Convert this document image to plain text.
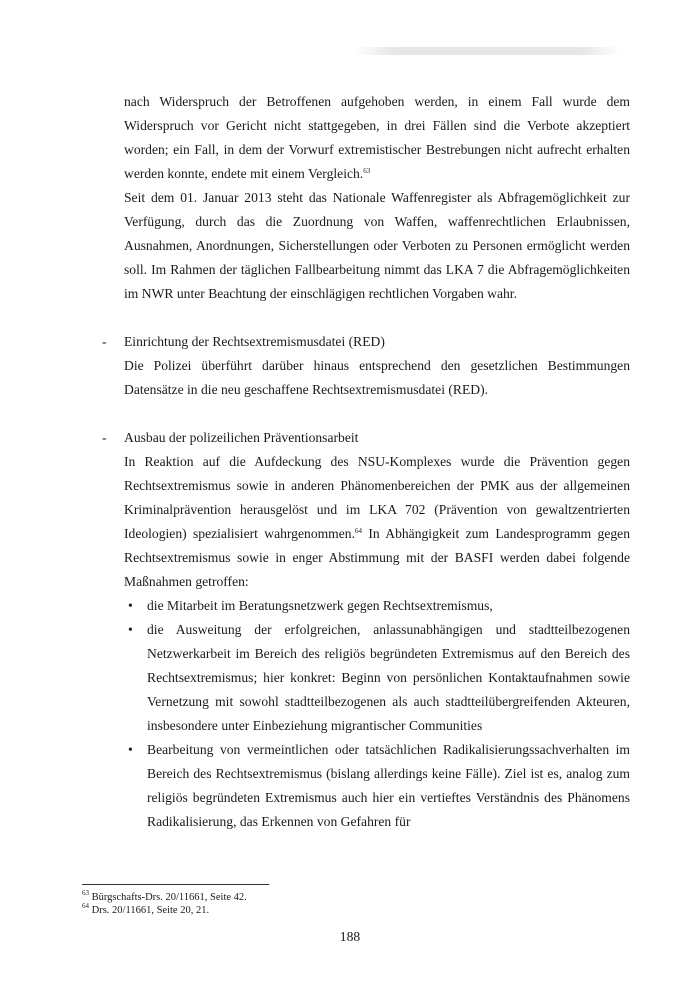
nach Widerspruch der Betroffenen aufgehoben werden, in einem Fall wurde dem Widerspruch vor Gericht nicht stattgegeben, in drei Fällen sind die Verbote akzeptiert worden; ein Fall, in dem der Vorwurf extremistischer Bestrebungen nicht aufrecht erhalten werden konnte, endete mit einem Vergleich.$^{63}$

Seit dem 01. Januar 2013 steht das Nationale Waffenregister als Abfragemöglichkeit zur Verfügung, durch das die Zuordnung von Waffen, waffenrechtlichen Erlaubnissen, Ausnahmen, Anordnungen, Sicherstellungen oder Verboten zu Personen ermöglicht werden soll. Im Rahmen der täglichen Fallbearbeitung nimmt das LKA 7 die Abfragemöglichkeiten im NWR unter Beachtung der einschlägigen rechtlichen Vorgaben wahr.

- Einrichtung der Rechtsextremismusdatei (RED)

Die Polizei überführt darüber hinaus entsprechend den gesetzlichen Bestimmungen Datensätze in die neu geschaffene Rechtsextremismusdatei (RED).

- Ausbau der polizeilichen Präventionsarbeit

In Reaktion auf die Aufdeckung des NSU-Komplexes wurde die Prävention gegen Rechtsextremismus sowie in anderen Phänomenbereichen der PMK aus der allgemeinen Kriminalprävention herausgelöst und im LKA 702 (Prävention von gewaltzentrierten Ideologien) spezialisiert wahrgenommen.$^{64}$ In Abhängigkeit zum Landesprogramm gegen Rechtsextremismus sowie in enger Abstimmung mit der BASFI werden dabei folgende Maßnahmen getroffen:

• die Mitarbeit im Beratungsnetzwerk gegen Rechtsextremismus,
• die Ausweitung der erfolgreichen, anlassunabhängigen und stadtteilbezogenen Netzwerkarbeit im Bereich des religiös begründeten Extremismus auf den Bereich des Rechtsextremismus; hier konkret: Beginn von persönlichen Kontaktaufnahmen sowie Vernetzung mit sowohl stadtteilbezogenen als auch stadtteilübergreifenden Akteuren, insbesondere unter Einbeziehung migrantischer Communities
• Bearbeitung von vermeintlichen oder tatsächlichen Radikalisierungssachverhalten im Bereich des Rechtsextremismus (bislang allerdings keine Fälle). Ziel ist es, analog zum religiös begründeten Extremismus auch hier ein vertieftes Verständnis des Phänomens Radikalisierung, das Erkennen von Gefahren für

$^{63}$ Bürgschafts-Drs. 20/11661, Seite 42.

$^{64}$ Drs. 20/11661, Seite 20, 21.

188
